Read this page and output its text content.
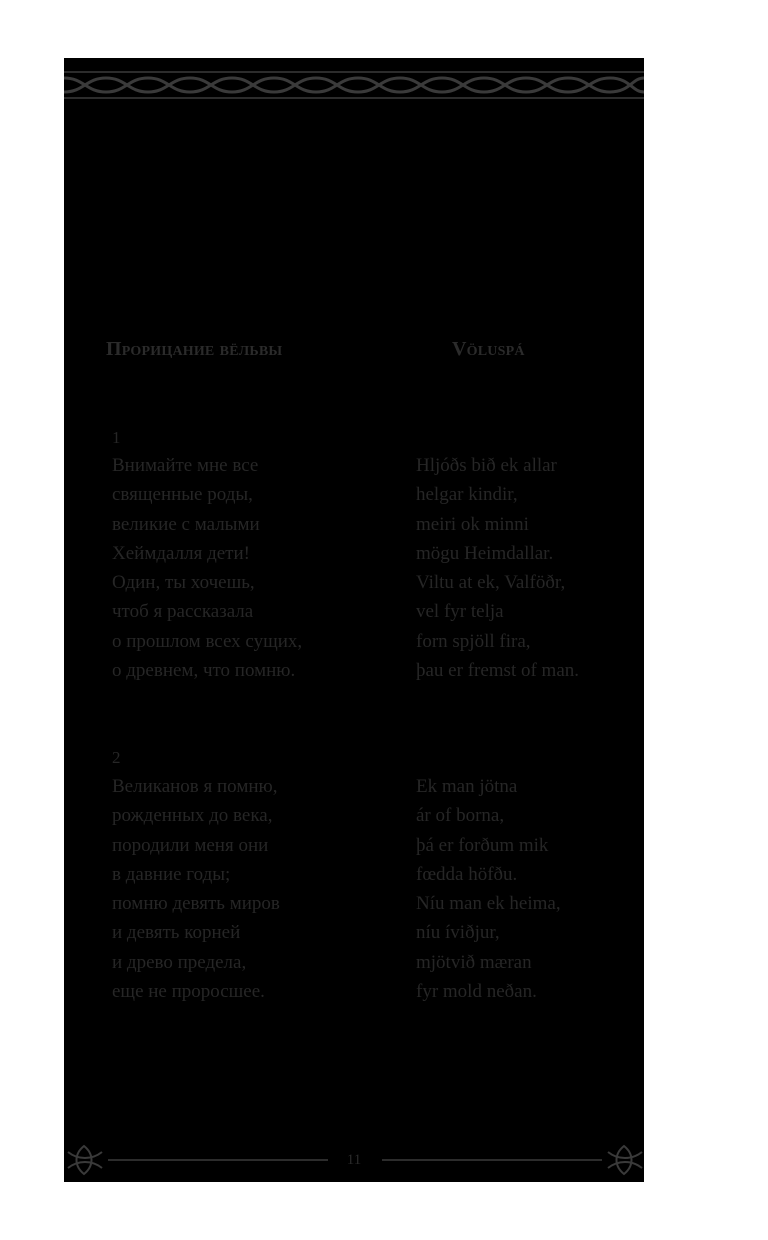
Прорицание вёльвы	Völuspá
1
Внимайте мне все
священные роды,
великие с малыми
Хеймдалля дети!
Один, ты хочешь,
чтоб я рассказала
о прошлом всех сущих,
о древнем, что помню.
Hljóðs bið ek allar
helgar kindir,
meiri ok minni
mögu Heimdallar.
Viltu at ek, Valföðr,
vel fyr telja
forn spjöll fira,
þau er fremst of man.
2
Великанов я помню,
рожденных до века,
породили меня они
в давние годы;
помню девять миров
и девять корней
и древо предела,
еще не проросшее.
Ek man jötna
ár of borna,
þá er forðum mik
fœdda höfðu.
Níu man ek heima,
níu íviðjur,
mjötvið mæran
fyr mold neðan.
11
